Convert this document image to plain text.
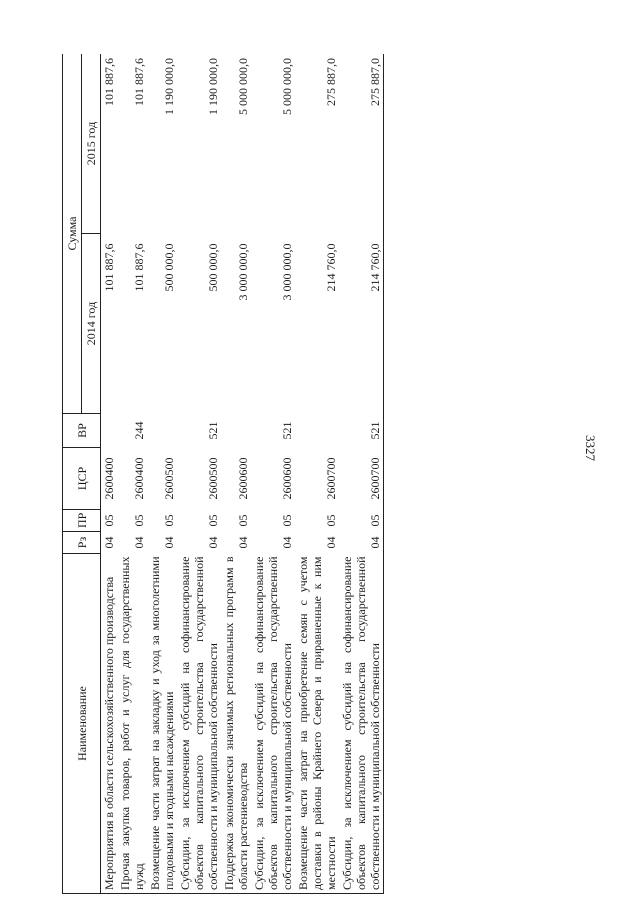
3327
Наименование	Рз	ПР	ЦСР	ВР	Сумма	
					2014 год	2015 год
Мероприятия в области сельскохозяйственного производства	04	05	2600400		101 887,6	101 887,6
Прочая закупка товаров, работ и услуг для государственных нужд	04	05	2600400	244	101 887,6	101 887,6
Возмещение части затрат на закладку и уход за многолетними плодовыми и ягодными насаждениями	04	05	2600500		500 000,0	1 190 000,0
Субсидии, за исключением субсидий на софинансирование объектов капитального строительства государственной собственности и муниципальной собственности	04	05	2600500	521	500 000,0	1 190 000,0
Поддержка экономически значимых региональных программ в области растениеводства	04	05	2600600		3 000 000,0	5 000 000,0
Субсидии, за исключением субсидий на софинансирование объектов капитального строительства государственной собственности и муниципальной собственности	04	05	2600600	521	3 000 000,0	5 000 000,0
Возмещение части затрат на приобретение семян с учетом доставки в районы Крайнего Севера и приравненные к ним местности	04	05	2600700		214 760,0	275 887,0
Субсидии, за исключением субсидий на софинансирование объектов капитального строительства государственной собственности и муниципальной собственности	04	05	2600700	521	214 760,0	275 887,0
